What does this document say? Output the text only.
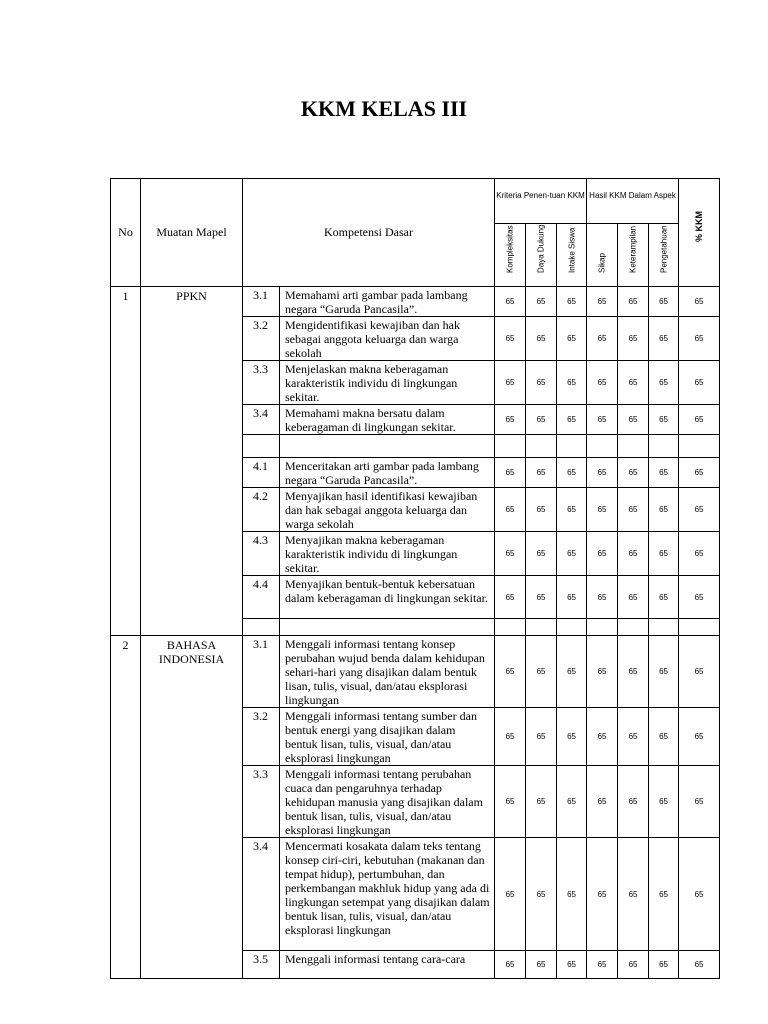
KKM KELAS III
No	Muatan Mapel	Kompetensi Dasar		Kriteria Penen-tuan KKM			Hasil KKM Dalam Aspek			% KKM

				Kompleksitas	Daya Dukung	Intake Siswa	Sikap	Keterampilan	Pengetahuan	

1	PPKN	3.1	Memahami arti gambar pada lambang negara “Garuda Pancasila”.	65	65	65	65	65	65	65
		3.2	Mengidentifikasi kewajiban dan hak sebagai anggota keluarga dan warga sekolah	65	65	65	65	65	65	65
		3.3	Menjelaskan makna keberagaman karakteristik individu di lingkungan sekitar.	65	65	65	65	65	65	65
		3.4	Memahami makna bersatu dalam keberagaman di lingkungan sekitar.	65	65	65	65	65	65	65

		4.1	Menceritakan arti gambar pada lambang negara “Garuda Pancasila”.	65	65	65	65	65	65	65
		4.2	Menyajikan hasil identifikasi kewajiban dan hak sebagai anggota keluarga dan warga sekolah	65	65	65	65	65	65	65
		4.3	Menyajikan makna keberagaman karakteristik individu di lingkungan sekitar.	65	65	65	65	65	65	65
		4.4	Menyajikan bentuk-bentuk kebersatuan dalam keberagaman di lingkungan sekitar.	65	65	65	65	65	65	65

2	BAHASA INDONESIA	3.1	Menggali informasi tentang konsep perubahan wujud benda dalam kehidupan sehari-hari yang disajikan dalam bentuk lisan, tulis, visual, dan/atau eksplorasi lingkungan	65	65	65	65	65	65	65
		3.2	Menggali informasi tentang sumber dan bentuk energi yang disajikan dalam bentuk lisan, tulis, visual, dan/atau eksplorasi lingkungan	65	65	65	65	65	65	65
		3.3	Menggali informasi tentang perubahan cuaca dan pengaruhnya terhadap kehidupan manusia yang disajikan dalam bentuk lisan, tulis, visual, dan/atau eksplorasi lingkungan	65	65	65	65	65	65	65
		3.4	Mencermati kosakata dalam teks tentang konsep ciri-ciri, kebutuhan (makanan dan tempat hidup), pertumbuhan, dan perkembangan makhluk hidup yang ada di lingkungan setempat yang disajikan dalam bentuk lisan, tulis, visual, dan/atau eksplorasi lingkungan	65	65	65	65	65	65	65
		3.5	Menggali informasi tentang cara-cara	65	65	65	65	65	65	65
